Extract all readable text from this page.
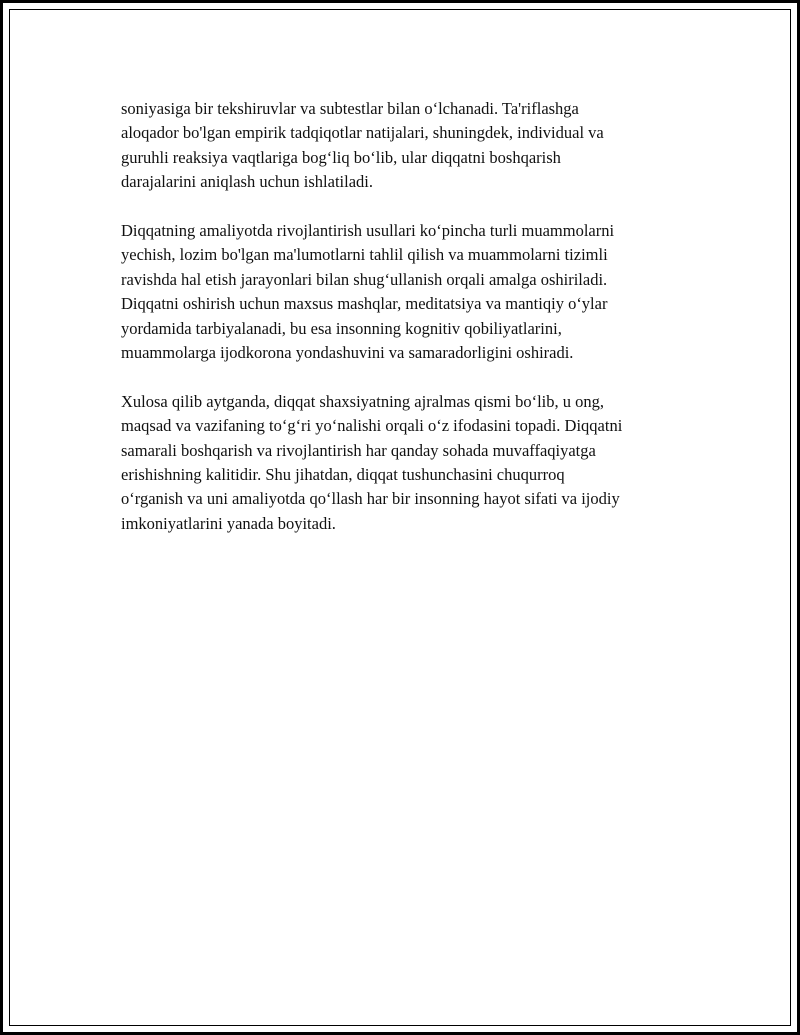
soniyasiga bir tekshiruvlar va subtestlar bilan o‘lchanadi. Ta'riflashga
aloqador bo'lgan empirik tadqiqotlar natijalari, shuningdek, individual va
guruhli reaksiya vaqtlariga bog‘liq bo‘lib, ular diqqatni boshqarish
darajalarini aniqlash uchun ishlatiladi.

Diqqatning amaliyotda rivojlantirish usullari ko‘pincha turli muammolarni
yechish, lozim bo'lgan ma'lumotlarni tahlil qilish va muammolarni tizimli
ravishda hal etish jarayonlari bilan shug‘ullanish orqali amalga oshiriladi.
Diqqatni oshirish uchun maxsus mashqlar, meditatsiya va mantiqiy o‘ylar
yordamida tarbiyalanadi, bu esa insonning kognitiv qobiliyatlarini,
muammolarga ijodkorona yondashuvini va samaradorligini oshiradi.

Xulosa qilib aytganda, diqqat shaxsiyatning ajralmas qismi bo‘lib, u ong,
maqsad va vazifaning to‘g‘ri yo‘nalishi orqali o‘z ifodasini topadi. Diqqatni
samarali boshqarish va rivojlantirish har qanday sohada muvaffaqiyatga
erishishning kalitidir. Shu jihatdan, diqqat tushunchasini chuqurroq
o‘rganish va uni amaliyotda qo‘llash har bir insonning hayot sifati va ijodiy
imkoniyatlarini yanada boyitadi.
